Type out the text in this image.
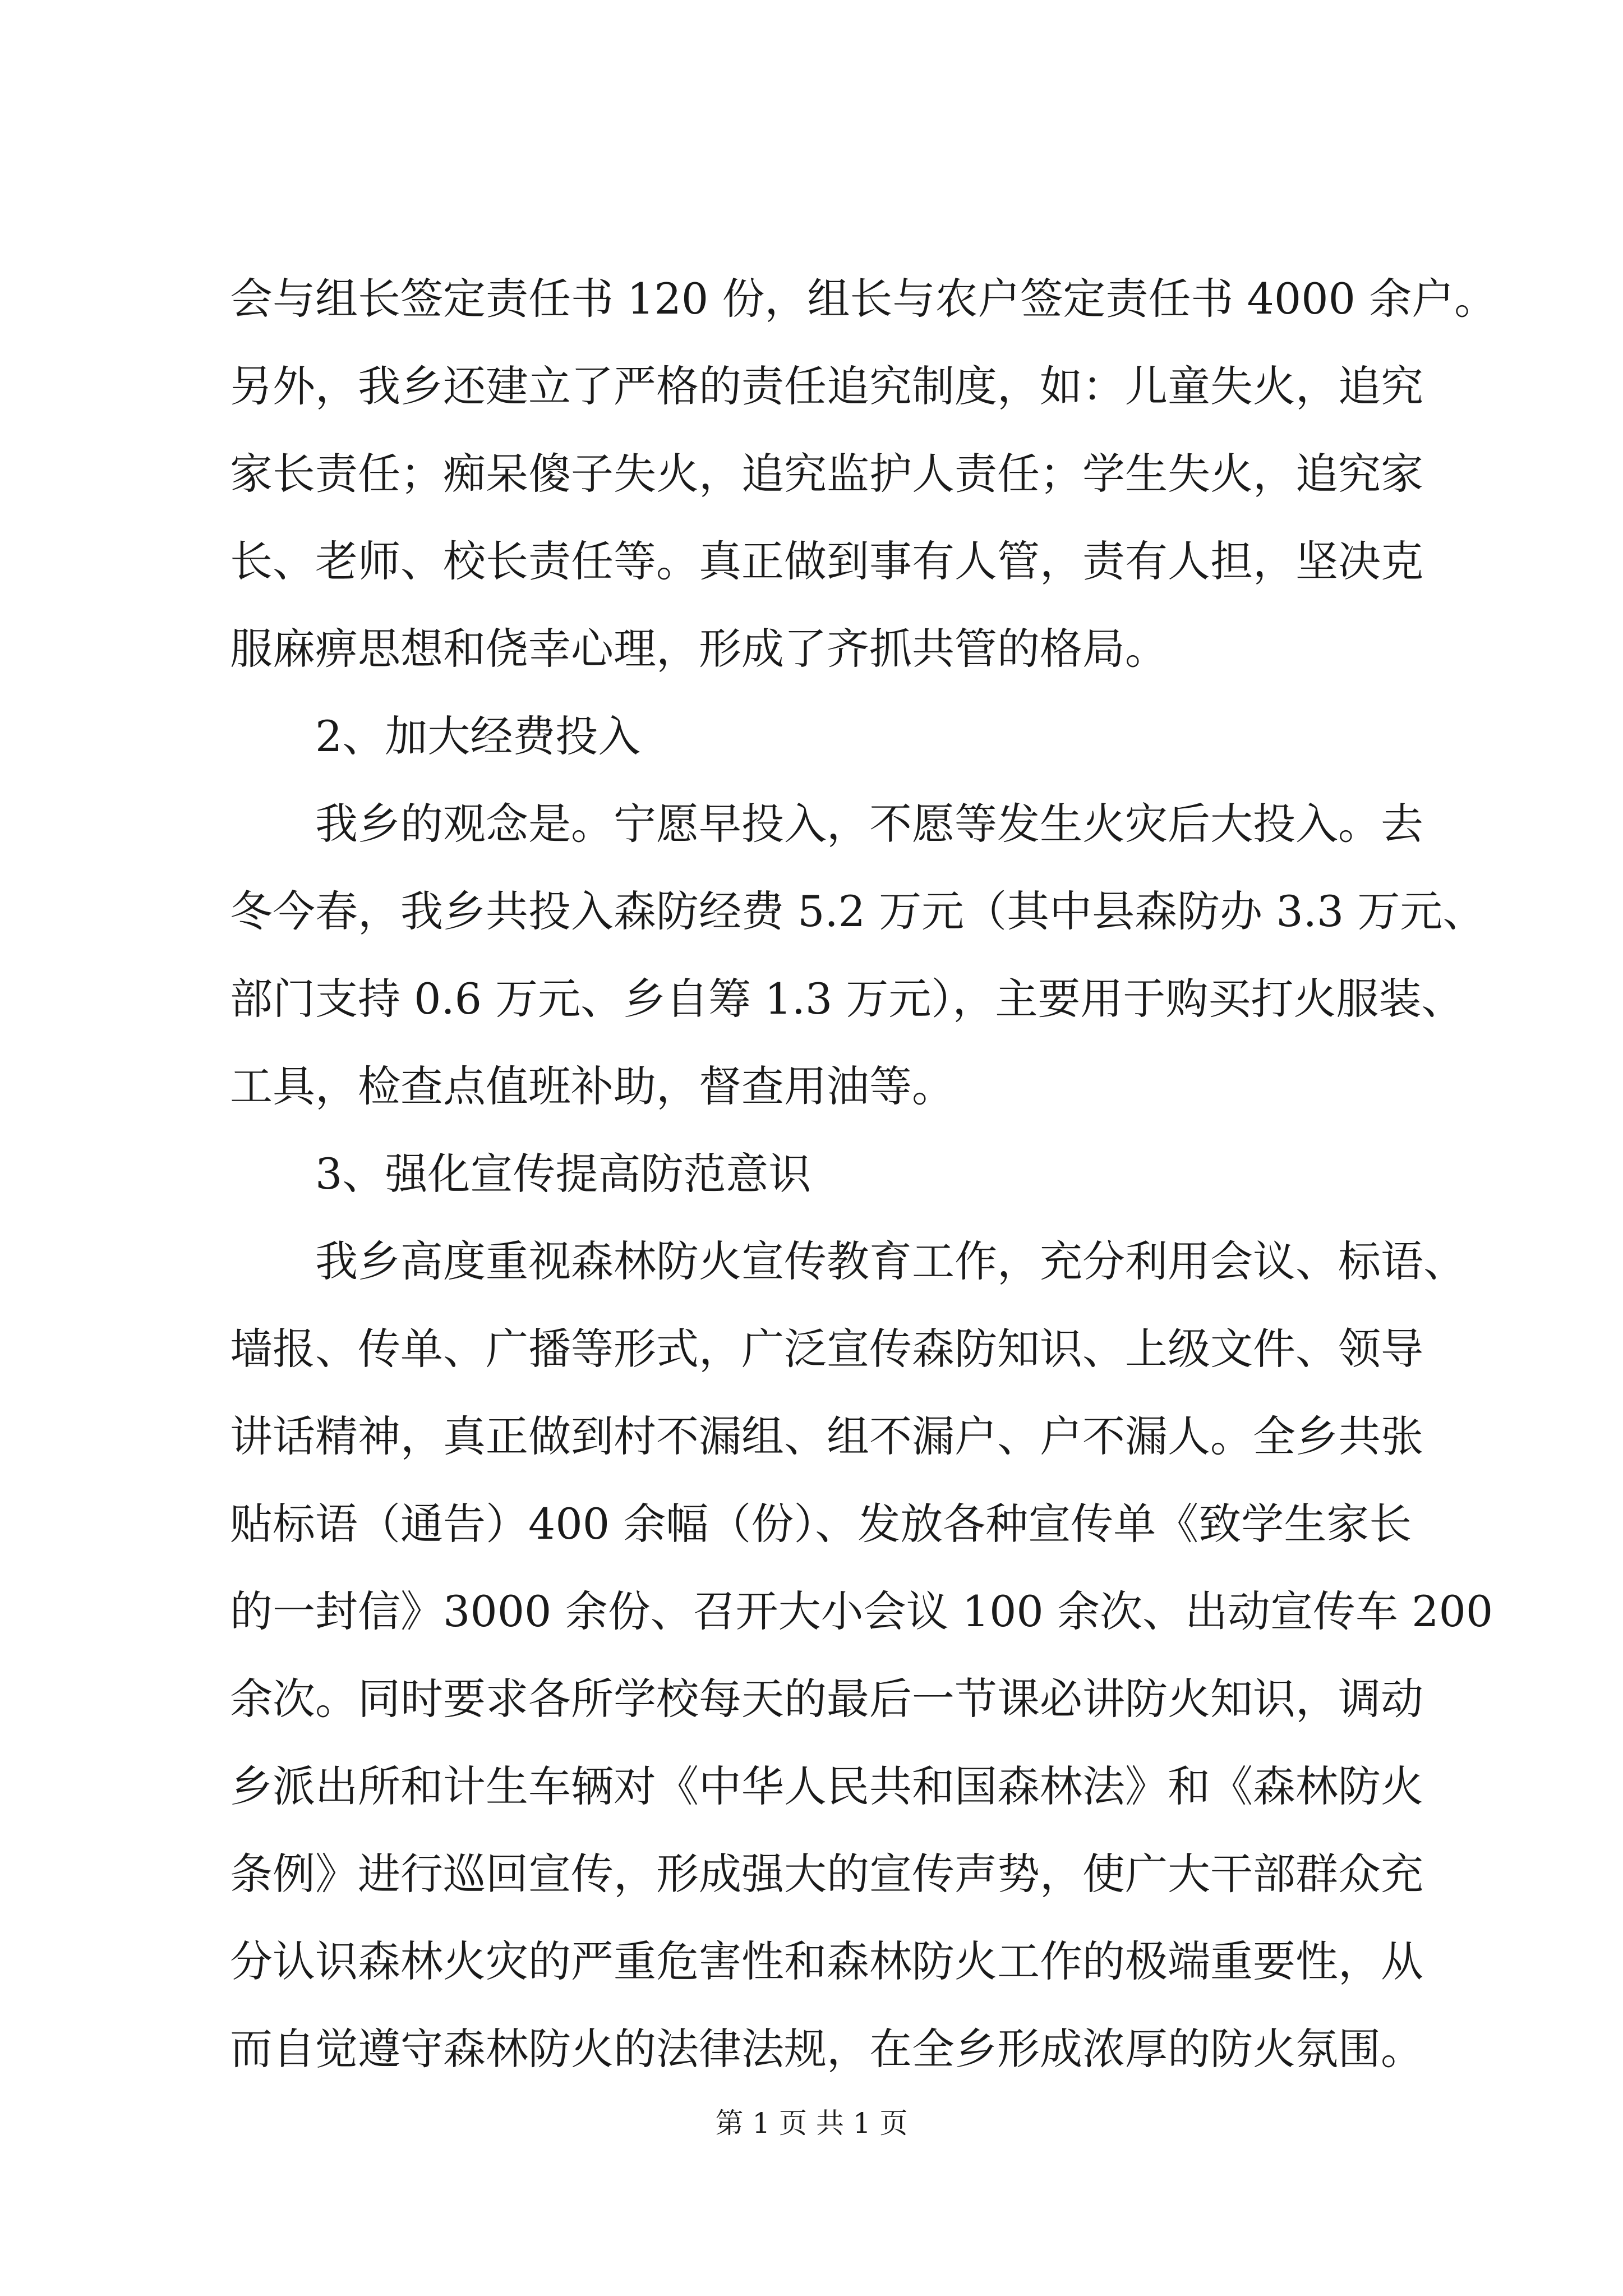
会与组长签定责任书 120 份，组长与农户签定责任书 4000 余户。
另外，我乡还建立了严格的责任追究制度，如：儿童失火，追究
家长责任；痴呆傻子失火，追究监护人责任；学生失火，追究家
长、老师、校长责任等。真正做到事有人管，责有人担，坚决克
服麻痹思想和侥幸心理，形成了齐抓共管的格局。
2、加大经费投入
我乡的观念是。宁愿早投入，不愿等发生火灾后大投入。去
冬今春，我乡共投入森防经费 5.2 万元（其中县森防办 3.3 万元、
部门支持 0.6 万元、乡自筹 1.3 万元），主要用于购买打火服装、
工具，检查点值班补助，督查用油等。
3、强化宣传提高防范意识
我乡高度重视森林防火宣传教育工作，充分利用会议、标语、
墙报、传单、广播等形式，广泛宣传森防知识、上级文件、领导
讲话精神，真正做到村不漏组、组不漏户、户不漏人。全乡共张
贴标语（通告）400 余幅（份）、发放各种宣传单《致学生家长
的一封信》3000 余份、召开大小会议 100 余次、出动宣传车 200
余次。同时要求各所学校每天的最后一节课必讲防火知识，调动
乡派出所和计生车辆对《中华人民共和国森林法》和《森林防火
条例》进行巡回宣传，形成强大的宣传声势，使广大干部群众充
分认识森林火灾的严重危害性和森林防火工作的极端重要性，从
而自觉遵守森林防火的法律法规，在全乡形成浓厚的防火氛围。
第 1 页 共 1 页
